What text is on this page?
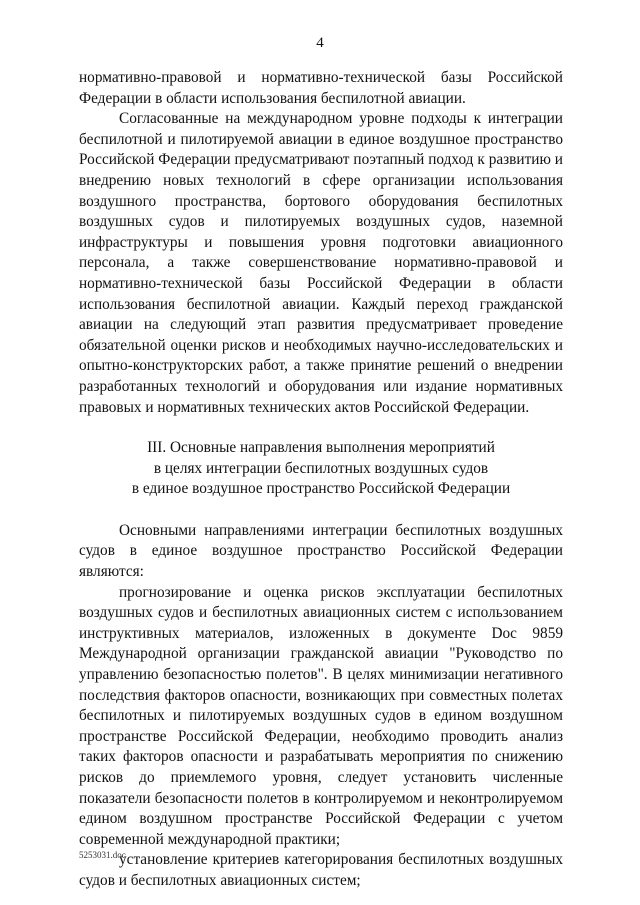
4

нормативно-правовой и нормативно-технической базы Российской Федерации в области использования беспилотной авиации.

Согласованные на международном уровне подходы к интеграции беспилотной и пилотируемой авиации в единое воздушное пространство Российской Федерации предусматривают поэтапный подход к развитию и внедрению новых технологий в сфере организации использования воздушного пространства, бортового оборудования беспилотных воздушных судов и пилотируемых воздушных судов, наземной инфраструктуры и повышения уровня подготовки авиационного персонала, а также совершенствование нормативно-правовой и нормативно-технической базы Российской Федерации в области использования беспилотной авиации. Каждый переход гражданской авиации на следующий этап развития предусматривает проведение обязательной оценки рисков и необходимых научно-исследовательских и опытно-конструкторских работ, а также принятие решений о внедрении разработанных технологий и оборудования или издание нормативных правовых и нормативных технических актов Российской Федерации.

III. Основные направления выполнения мероприятий
в целях интеграции беспилотных воздушных судов
в единое воздушное пространство Российской Федерации

Основными направлениями интеграции беспилотных воздушных судов в единое воздушное пространство Российской Федерации являются:

прогнозирование и оценка рисков эксплуатации беспилотных воздушных судов и беспилотных авиационных систем с использованием инструктивных материалов, изложенных в документе Doc 9859 Международной организации гражданской авиации "Руководство по управлению безопасностью полетов". В целях минимизации негативного последствия факторов опасности, возникающих при совместных полетах беспилотных и пилотируемых воздушных судов в едином воздушном пространстве Российской Федерации, необходимо проводить анализ таких факторов опасности и разрабатывать мероприятия по снижению рисков до приемлемого уровня, следует установить численные показатели безопасности полетов в контролируемом и неконтролируемом едином воздушном пространстве Российской Федерации с учетом современной международной практики;

установление критериев категорирования беспилотных воздушных судов и беспилотных авиационных систем;

5253031.doc
